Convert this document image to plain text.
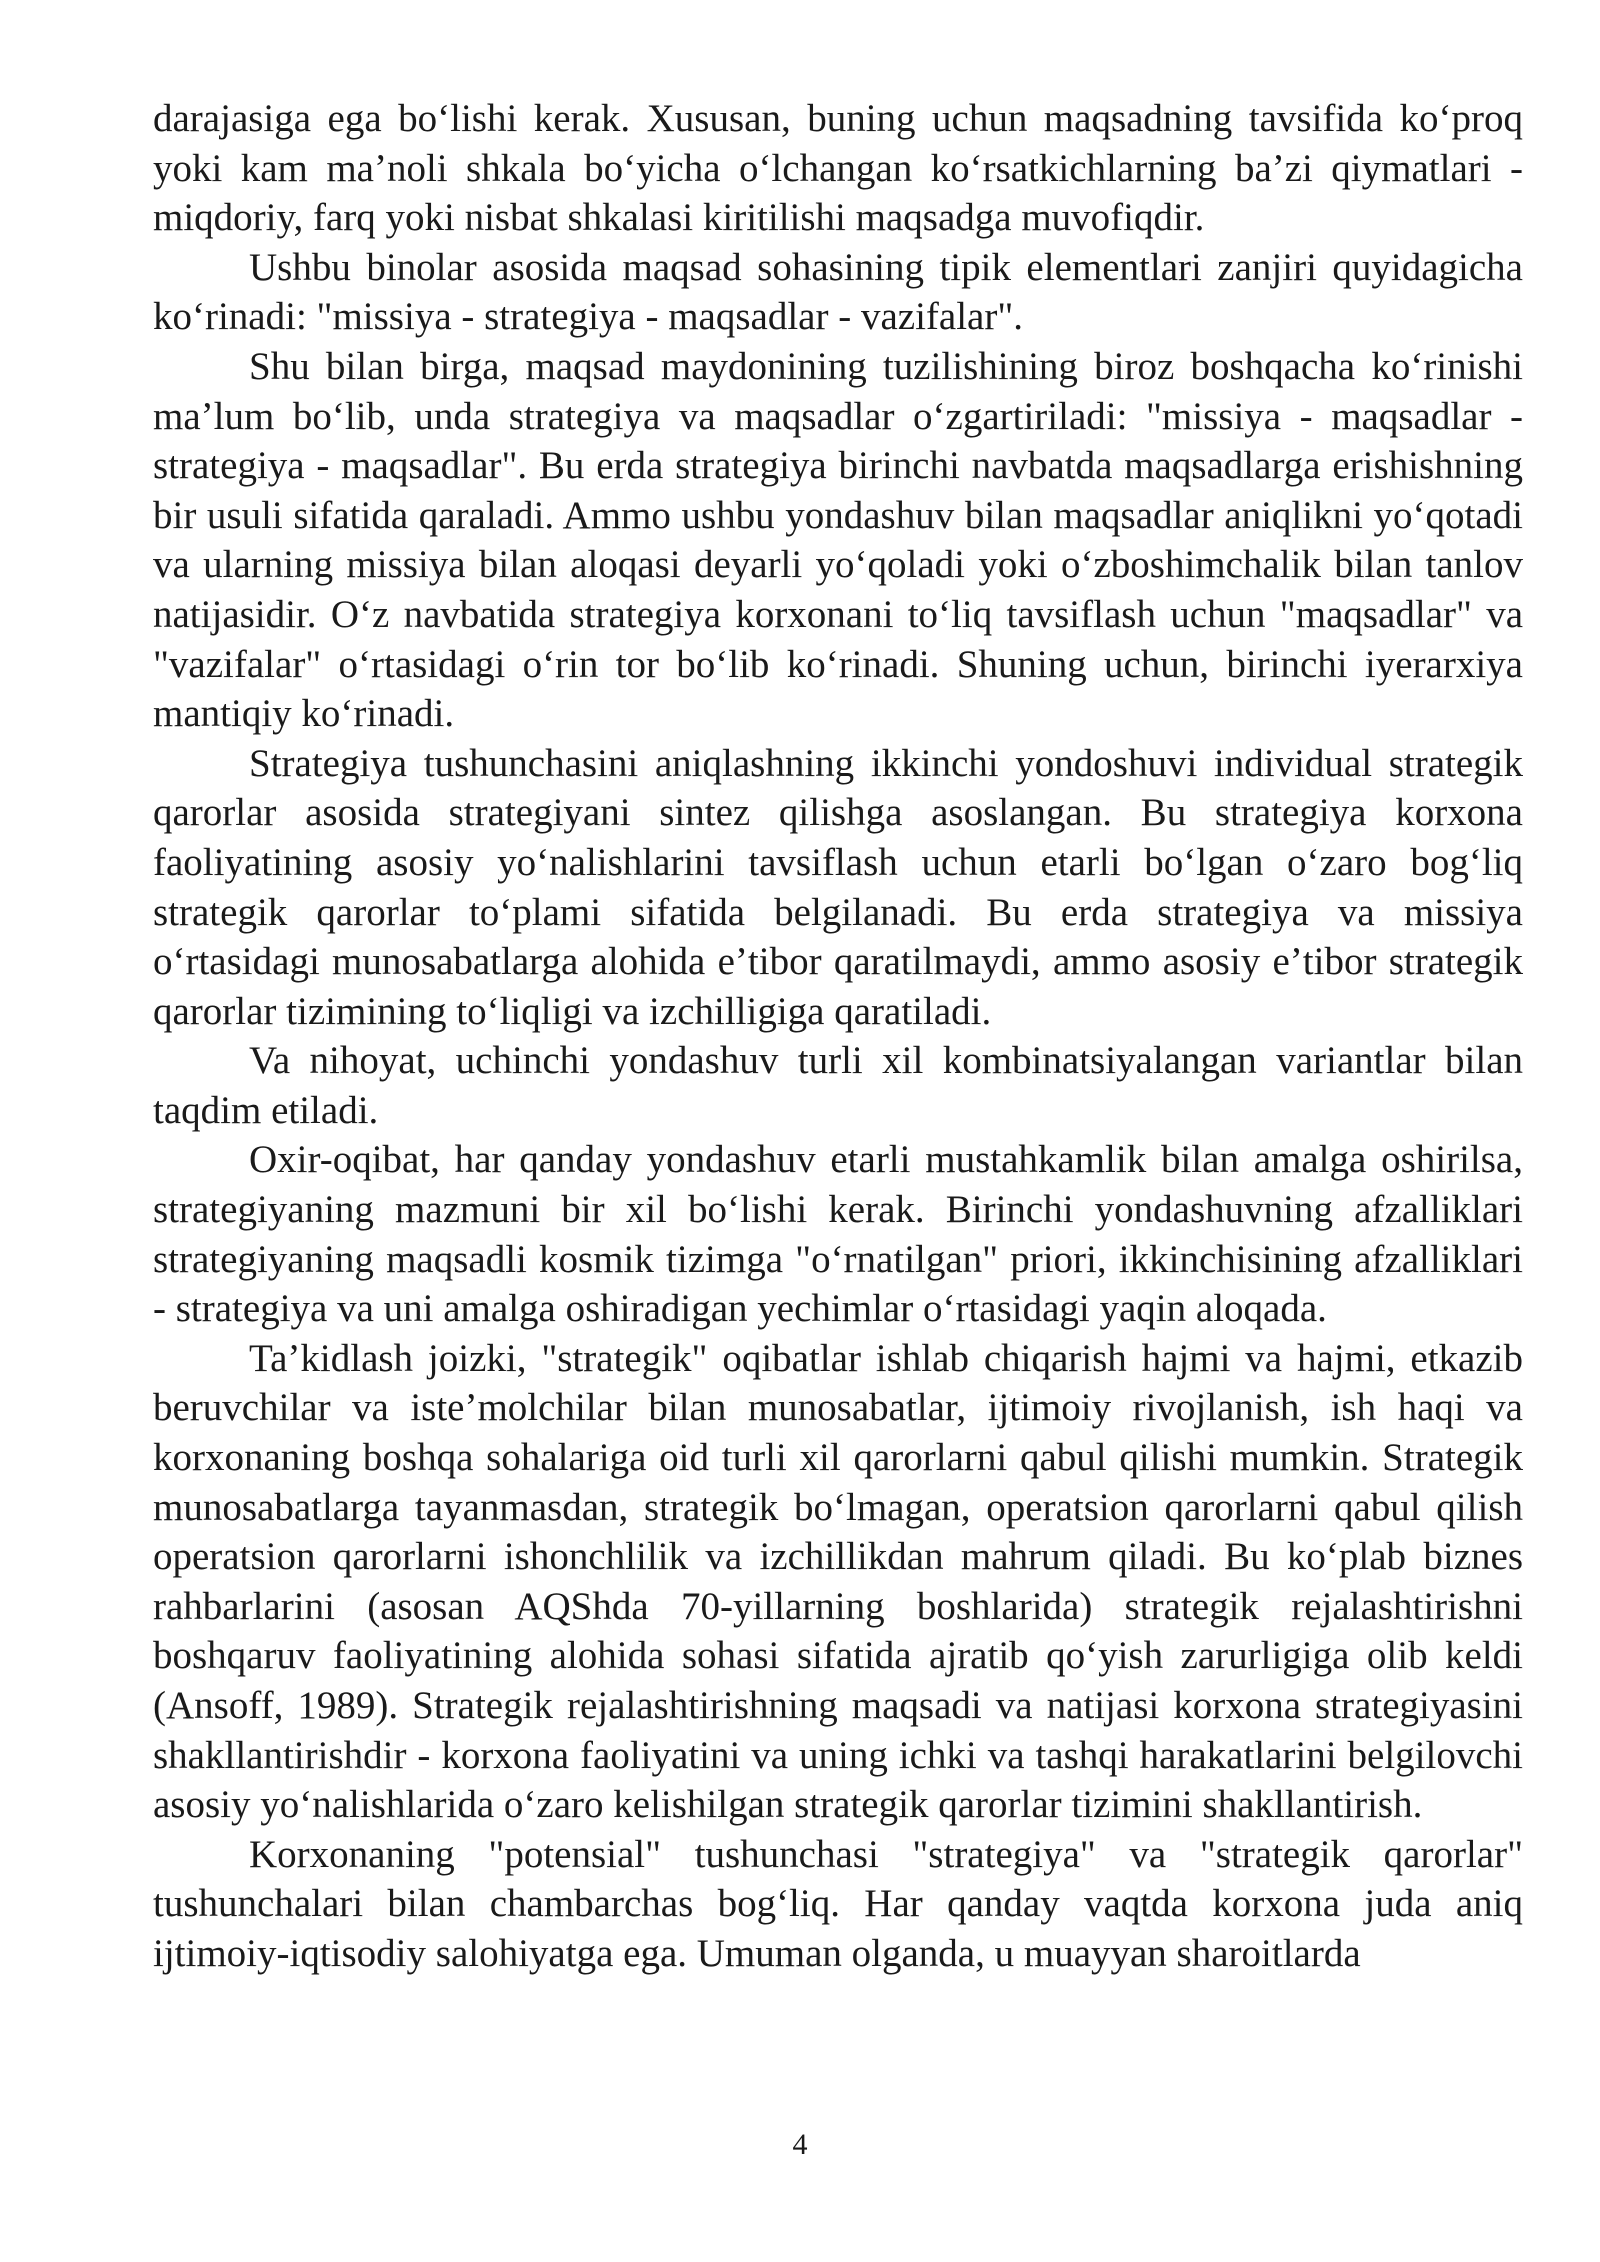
darajasiga ega boʻlishi kerak. Xususan, buning uchun maqsadning tavsifida koʻproq yoki kam maʼnoli shkala boʻyicha oʻlchangan koʻrsatkichlarning baʼzi qiymatlari - miqdoriy, farq yoki nisbat shkalasi kiritilishi maqsadga muvofiqdir.

Ushbu binolar asosida maqsad sohasining tipik elementlari zanjiri quyidagicha koʻrinadi: "missiya - strategiya - maqsadlar - vazifalar".

Shu bilan birga, maqsad maydonining tuzilishining biroz boshqacha koʻrinishi maʼlum boʻlib, unda strategiya va maqsadlar oʻzgartiriladi: "missiya - maqsadlar - strategiya - maqsadlar". Bu erda strategiya birinchi navbatda maqsadlarga erishishning bir usuli sifatida qaraladi. Ammo ushbu yondashuv bilan maqsadlar aniqlikni yoʻqotadi va ularning missiya bilan aloqasi deyarli yoʻqoladi yoki oʻzboshimchalik bilan tanlov natijasidir. Oʻz navbatida strategiya korxonani toʻliq tavsiflash uchun "maqsadlar" va "vazifalar" oʻrtasidagi oʻrin tor boʻlib koʻrinadi. Shuning uchun, birinchi iyerarxiya mantiqiy koʻrinadi.

Strategiya tushunchasini aniqlashning ikkinchi yondoshuvi individual strategik qarorlar asosida strategiyani sintez qilishga asoslangan. Bu strategiya korxona faoliyatining asosiy yoʻnalishlarini tavsiflash uchun etarli boʻlgan oʻzaro bogʻliq strategik qarorlar toʻplami sifatida belgilanadi. Bu erda strategiya va missiya oʻrtasidagi munosabatlarga alohida eʼtibor qaratilmaydi, ammo asosiy eʼtibor strategik qarorlar tizimining toʻliqligi va izchilligiga qaratiladi.

Va nihoyat, uchinchi yondashuv turli xil kombinatsiyalangan variantlar bilan taqdim etiladi.

Oxir-oqibat, har qanday yondashuv etarli mustahkamlik bilan amalga oshirilsa, strategiyaning mazmuni bir xil boʻlishi kerak. Birinchi yondashuvning afzalliklari strategiyaning maqsadli kosmik tizimga "oʻrnatilgan" priori, ikkinchisining afzalliklari - strategiya va uni amalga oshiradigan yechimlar oʻrtasidagi yaqin aloqada.

Taʼkidlash joizki, "strategik" oqibatlar ishlab chiqarish hajmi va hajmi, etkazib beruvchilar va isteʼmolchilar bilan munosabatlar, ijtimoiy rivojlanish, ish haqi va korxonaning boshqa sohalariga oid turli xil qarorlarni qabul qilishi mumkin. Strategik munosabatlarga tayanmasdan, strategik boʻlmagan, operatsion qarorlarni qabul qilish operatsion qarorlarni ishonchlilik va izchillikdan mahrum qiladi. Bu koʻplab biznes rahbarlarini (asosan AQShda 70-yillarning boshlarida) strategik rejalashtirishni boshqaruv faoliyatining alohida sohasi sifatida ajratib qoʻyish zarurligiga olib keldi (Ansoff, 1989). Strategik rejalashtirishning maqsadi va natijasi korxona strategiyasini shakllantirishdir - korxona faoliyatini va uning ichki va tashqi harakatlarini belgilovchi asosiy yoʻnalishlarida oʻzaro kelishilgan strategik qarorlar tizimini shakllantirish.

Korxonaning "potensial" tushunchasi "strategiya" va "strategik qarorlar" tushunchalari bilan chambarchas bogʻliq. Har qanday vaqtda korxona juda aniq ijtimoiy-iqtisodiy salohiyatga ega. Umuman olganda, u muayyan sharoitlarda

4
